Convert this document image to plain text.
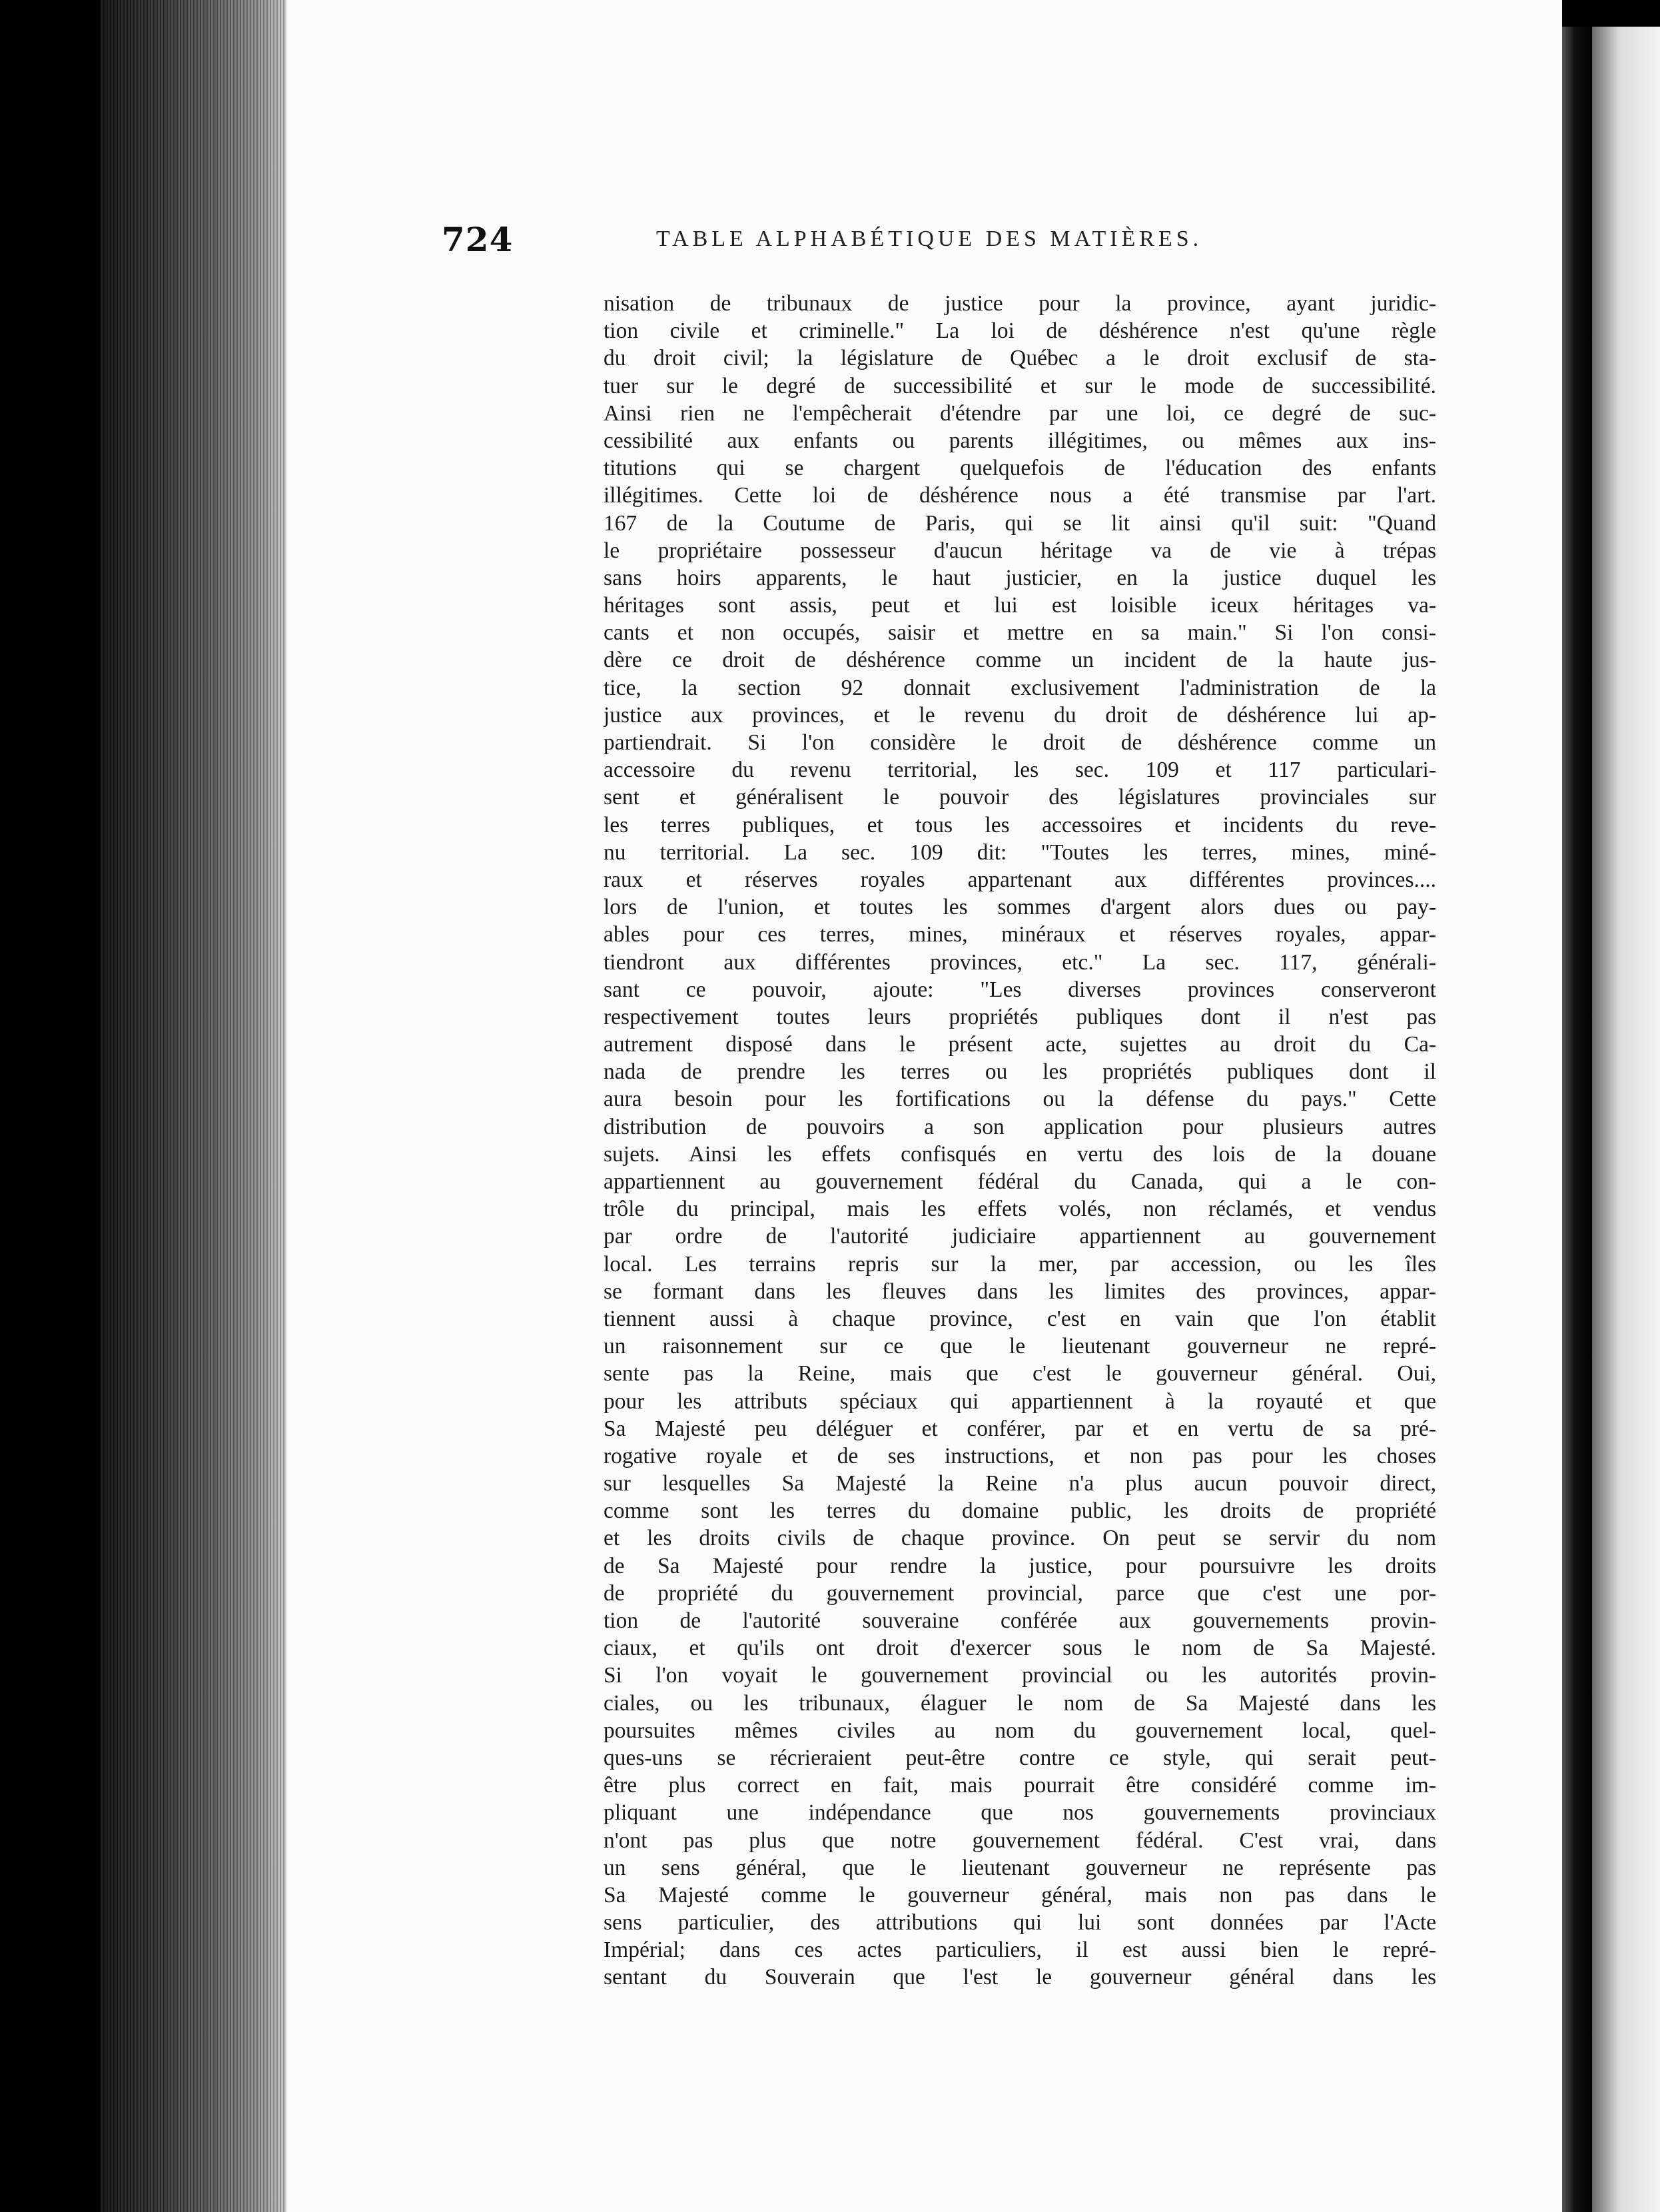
724	TABLE ALPHABÉTIQUE DES MATIÈRES.
nisation de tribunaux de justice pour la province, ayant juridic-
tion civile et criminelle." La loi de déshérence n'est qu'une règle
du droit civil; la législature de Québec a le droit exclusif de sta-
tuer sur le degré de successibilité et sur le mode de successibilité.
Ainsi rien ne l'empêcherait d'étendre par une loi, ce degré de suc-
cessibilité aux enfants ou parents illégitimes, ou mêmes aux ins-
titutions qui se chargent quelquefois de l'éducation des enfants
illégitimes. Cette loi de déshérence nous a été transmise par l'art.
167 de la Coutume de Paris, qui se lit ainsi qu'il suit: "Quand
le propriétaire possesseur d'aucun héritage va de vie à trépas
sans hoirs apparents, le haut justicier, en la justice duquel les
héritages sont assis, peut et lui est loisible iceux héritages va-
cants et non occupés, saisir et mettre en sa main." Si l'on consi-
dère ce droit de déshérence comme un incident de la haute jus-
tice, la section 92 donnait exclusivement l'administration de la
justice aux provinces, et le revenu du droit de déshérence lui ap-
partiendrait. Si l'on considère le droit de déshérence comme un
accessoire du revenu territorial, les sec. 109 et 117 particulari-
sent et généralisent le pouvoir des législatures provinciales sur
les terres publiques, et tous les accessoires et incidents du reve-
nu territorial. La sec. 109 dit: "Toutes les terres, mines, miné-
raux et réserves royales appartenant aux différentes provinces....
lors de l'union, et toutes les sommes d'argent alors dues ou pay-
ables pour ces terres, mines, minéraux et réserves royales, appar-
tiendront aux différentes provinces, etc." La sec. 117, générali-
sant ce pouvoir, ajoute: "Les diverses provinces conserveront
respectivement toutes leurs propriétés publiques dont il n'est pas
autrement disposé dans le présent acte, sujettes au droit du Ca-
nada de prendre les terres ou les propriétés publiques dont il
aura besoin pour les fortifications ou la défense du pays." Cette
distribution de pouvoirs a son application pour plusieurs autres
sujets. Ainsi les effets confisqués en vertu des lois de la douane
appartiennent au gouvernement fédéral du Canada, qui a le con-
trôle du principal, mais les effets volés, non réclamés, et vendus
par ordre de l'autorité judiciaire appartiennent au gouvernement
local. Les terrains repris sur la mer, par accession, ou les îles
se formant dans les fleuves dans les limites des provinces, appar-
tiennent aussi à chaque province, c'est en vain que l'on établit
un raisonnement sur ce que le lieutenant gouverneur ne repré-
sente pas la Reine, mais que c'est le gouverneur général. Oui,
pour les attributs spéciaux qui appartiennent à la royauté et que
Sa Majesté peu déléguer et conférer, par et en vertu de sa pré-
rogative royale et de ses instructions, et non pas pour les choses
sur lesquelles Sa Majesté la Reine n'a plus aucun pouvoir direct,
comme sont les terres du domaine public, les droits de propriété
et les droits civils de chaque province. On peut se servir du nom
de Sa Majesté pour rendre la justice, pour poursuivre les droits
de propriété du gouvernement provincial, parce que c'est une por-
tion de l'autorité souveraine conférée aux gouvernements provin-
ciaux, et qu'ils ont droit d'exercer sous le nom de Sa Majesté.
Si l'on voyait le gouvernement provincial ou les autorités provin-
ciales, ou les tribunaux, élaguer le nom de Sa Majesté dans les
poursuites mêmes civiles au nom du gouvernement local, quel-
ques-uns se récrieraient peut-être contre ce style, qui serait peut-
être plus correct en fait, mais pourrait être considéré comme im-
pliquant une indépendance que nos gouvernements provinciaux
n'ont pas plus que notre gouvernement fédéral. C'est vrai, dans
un sens général, que le lieutenant gouverneur ne représente pas
Sa Majesté comme le gouverneur général, mais non pas dans le
sens particulier, des attributions qui lui sont données par l'Acte
Impérial; dans ces actes particuliers, il est aussi bien le repré-
sentant du Souverain que l'est le gouverneur général dans les
